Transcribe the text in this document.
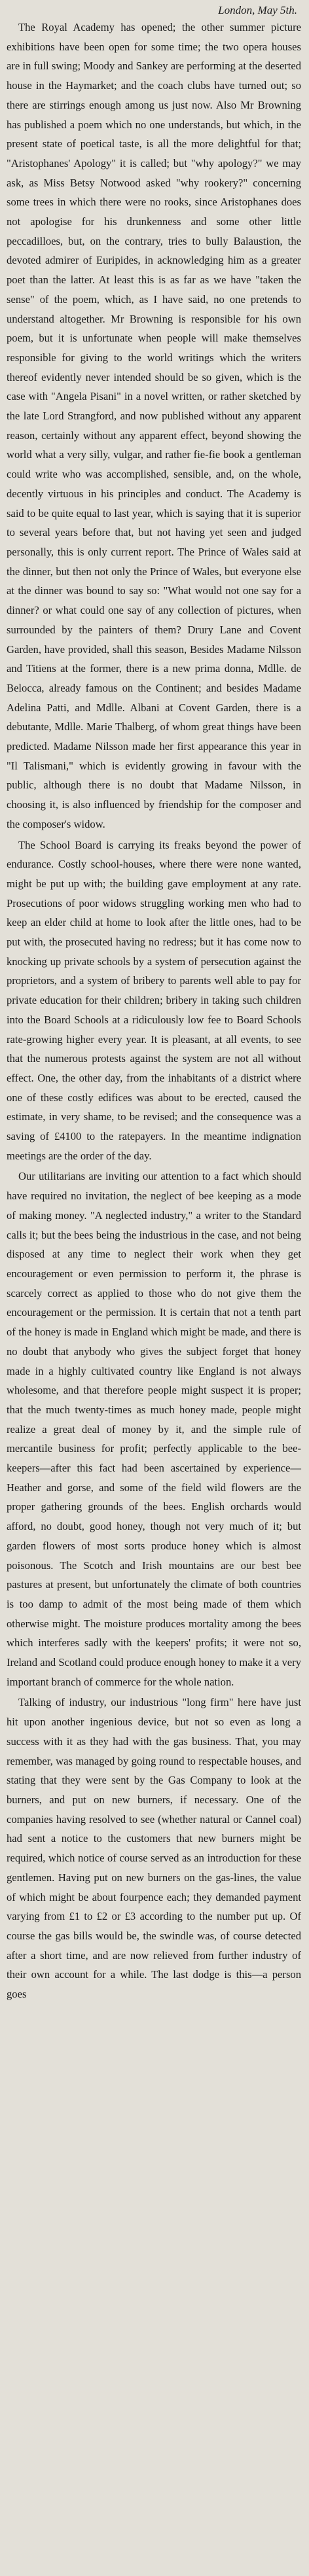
London, May 5th.

The Royal Academy has opened; the other summer picture exhibitions have been open for some time; the two opera houses are in full swing; Moody and Sankey are performing at the deserted house in the Haymarket; and the coach clubs have turned out; so there are stirrings enough among us just now. Also Mr Browning has published a poem which no one understands, but which, in the present state of poetical taste, is all the more delightful for that; "Aristophanes' Apology" it is called; but "why apology?" we may ask, as Miss Betsy Notwood asked "why rookery?" concerning some trees in which there were no rooks, since Aristophanes does not apologise for his drunkenness and some other little peccadilloes, but, on the contrary, tries to bully Balaustion, the devoted admirer of Euripides, in acknowledging him as a greater poet than the latter. At least this is as far as we have "taken the sense" of the poem, which, as I have said, no one pretends to understand altogether. Mr Browning is responsible for his own poem, but it is unfortunate when people will make themselves responsible for giving to the world writings which the writers thereof evidently never intended should be so given, which is the case with "Angela Pisani" in a novel written, or rather sketched by the late Lord Strangford, and now published without any apparent reason, certainly without any apparent effect, beyond showing the world what a very silly, vulgar, and rather fie-fie book a gentleman could write who was accomplished, sensible, and, on the whole, decently virtuous in his principles and conduct. The Academy is said to be quite equal to last year, which is saying that it is superior to several years before that, but not having yet seen and judged personally, this is only current report. The Prince of Wales said at the dinner, but then not only the Prince of Wales, but everyone else at the dinner was bound to say so: "What would not one say for a dinner? or what could one say of any collection of pictures, when surrounded by the painters of them? Drury Lane and Covent Garden, have provided, shall this season, Besides Madame Nilsson and Titiens at the former, there is a new prima donna, Mdlle. de Belocca, already famous on the Continent; and besides Madame Adelina Patti, and Mdlle. Albani at Covent Garden, there is a debutante, Mdlle. Marie Thalberg, of whom great things have been predicted. Madame Nilsson made her first appearance this year in "Il Talismani," which is evidently growing in favour with the public, although there is no doubt that Madame Nilsson, in choosing it, is also influenced by friendship for the composer and the composer's widow.

The School Board is carrying its freaks beyond the power of endurance. Costly school-houses, where there were none wanted, might be put up with; the building gave employment at any rate. Prosecutions of poor widows struggling working men who had to keep an elder child at home to look after the little ones, had to be put with, the prosecuted having no redress; but it has come now to knocking up private schools by a system of persecution against the proprietors, and a system of bribery to parents well able to pay for private education for their children; bribery in taking such children into the Board Schools at a ridiculously low fee to Board Schools rate-growing higher every year. It is pleasant, at all events, to see that the numerous protests against the system are not all without effect. One, the other day, from the inhabitants of a district where one of these costly edifices was about to be erected, caused the estimate, in very shame, to be revised; and the consequence was a saving of £4100 to the ratepayers. In the meantime indignation meetings are the order of the day.

Our utilitarians are inviting our attention to a fact which should have required no invitation, the neglect of bee keeping as a mode of making money. "A neglected industry," a writer to the Standard calls it; but the bees being the industrious in the case, and not being disposed at any time to neglect their work when they get encouragement or even permission to perform it, the phrase is scarcely correct as applied to those who do not give them the encouragement or the permission. It is certain that not a tenth part of the honey is made in England which might be made, and there is no doubt that anybody who gives the subject forget that honey made in a highly cultivated country like England is not always wholesome, and that therefore people might suspect it is proper; that the much twenty-times as much honey made, people might realize a great deal of money by it, and the simple rule of mercantile business for profit; perfectly applicable to the bee-keepers—after this fact had been ascertained by experience—Heather and gorse, and some of the field wild flowers are the proper gathering grounds of the bees. English orchards would afford, no doubt, good honey, though not very much of it; but garden flowers of most sorts produce honey which is almost poisonous. The Scotch and Irish mountains are our best bee pastures at present, but unfortunately the climate of both countries is too damp to admit of the most being made of them which otherwise might. The moisture produces mortality among the bees which interferes sadly with the keepers' profits; it were not so, Ireland and Scotland could produce enough honey to make it a very important branch of commerce for the whole nation.

Talking of industry, our industrious "long firm" here have just hit upon another ingenious device, but not so even as long a success with it as they had with the gas business. That, you may remember, was managed by going round to respectable houses, and stating that they were sent by the Gas Company to look at the burners, and put on new burners, if necessary. One of the companies having resolved to see (whether natural or Cannel coal) had sent a notice to the customers that new burners might be required, which notice of course served as an introduction for these gentlemen. Having put on new burners on the gas-lines, the value of which might be about fourpence each; they demanded payment varying from £1 to £2 or £3 according to the number put up. Of course the gas bills would be, the swindle was, of course detected after a short time, and are now relieved from further industry of their own account for a while. The last dodge is this—a person goes
